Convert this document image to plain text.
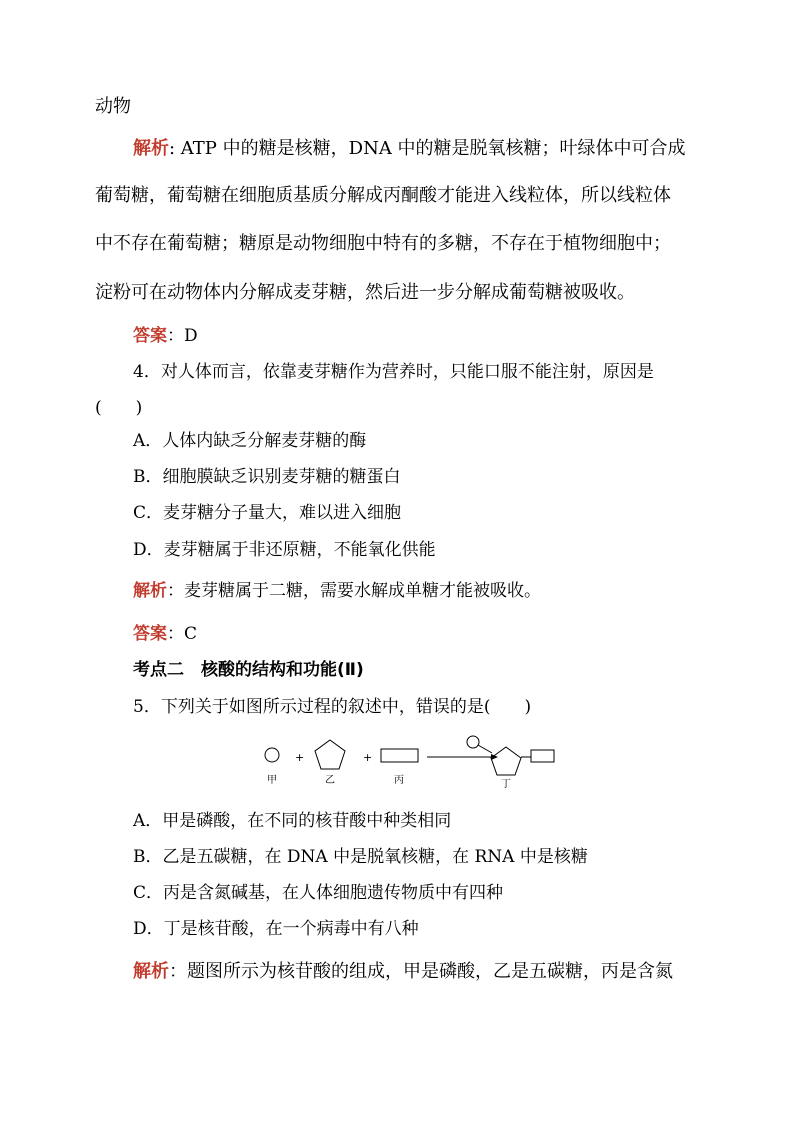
动物
解析: ATP 中的糖是核糖，DNA 中的糖是脱氧核糖；叶绿体中可合成
葡萄糖，葡萄糖在细胞质基质分解成丙酮酸才能进入线粒体，所以线粒体
中不存在葡萄糖；糖原是动物细胞中特有的多糖，不存在于植物细胞中；
淀粉可在动物体内分解成麦芽糖，然后进一步分解成葡萄糖被吸收。
答案：D
4．对人体而言，依靠麦芽糖作为营养时，只能口服不能注射，原因是
(　　)
A．人体内缺乏分解麦芽糖的酶
B．细胞膜缺乏识别麦芽糖的糖蛋白
C．麦芽糖分子量大，难以进入细胞
D．麦芽糖属于非还原糖，不能氧化供能
解析：麦芽糖属于二糖，需要水解成单糖才能被吸收。
答案：C
考点二　核酸的结构和功能(Ⅱ)
5．下列关于如图所示过程的叙述中，错误的是(　　)
甲
+
乙
+
丙	丁
A．甲是磷酸，在不同的核苷酸中种类相同
B．乙是五碳糖，在 DNA 中是脱氧核糖，在 RNA 中是核糖
C．丙是含氮碱基，在人体细胞遗传物质中有四种
D．丁是核苷酸，在一个病毒中有八种
解析：题图所示为核苷酸的组成，甲是磷酸，乙是五碳糖，丙是含氮
